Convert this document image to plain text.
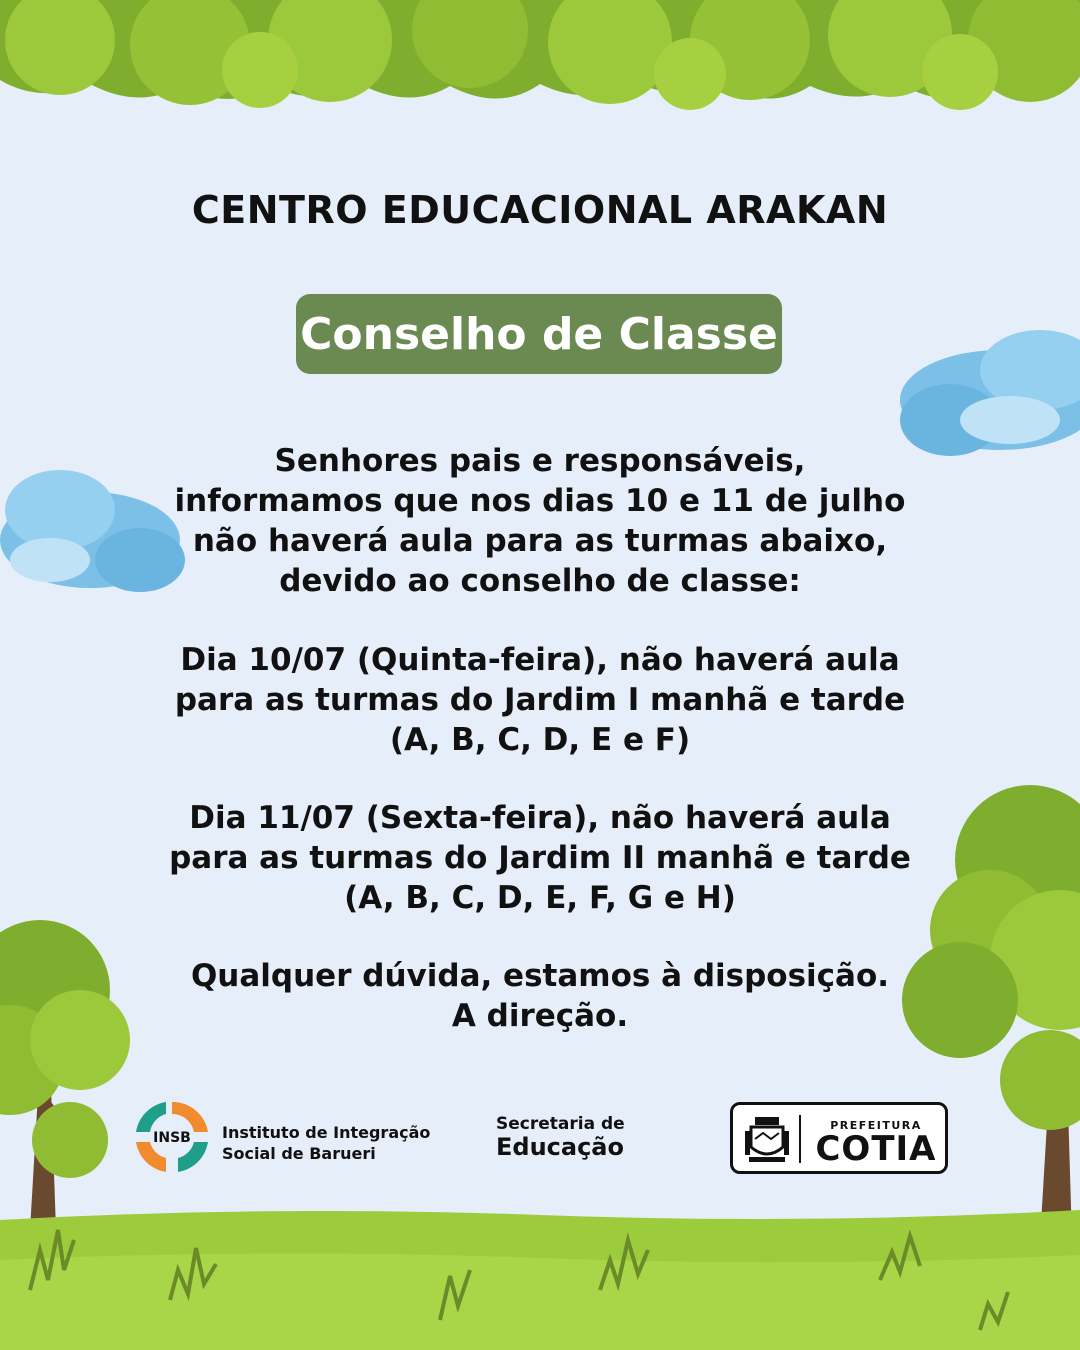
CENTRO EDUCACIONAL ARAKAN
Conselho de Classe
Senhores pais e responsáveis,
informamos que nos dias 10 e 11 de julho
não haverá aula para as turmas abaixo,
devido ao conselho de classe:
Dia 10/07 (Quinta-feira), não haverá aula
para as turmas do Jardim I manhã e tarde
(A, B, C, D, E e F)
Dia 11/07 (Sexta-feira), não haverá aula
para as turmas do Jardim II manhã e tarde
(A, B, C, D, E, F, G e H)
Qualquer dúvida, estamos à disposição.
A direção.
INSB Instituto de Integração
Social de Barueri
Secretaria de
Educação
PREFEITURA
COTIA
